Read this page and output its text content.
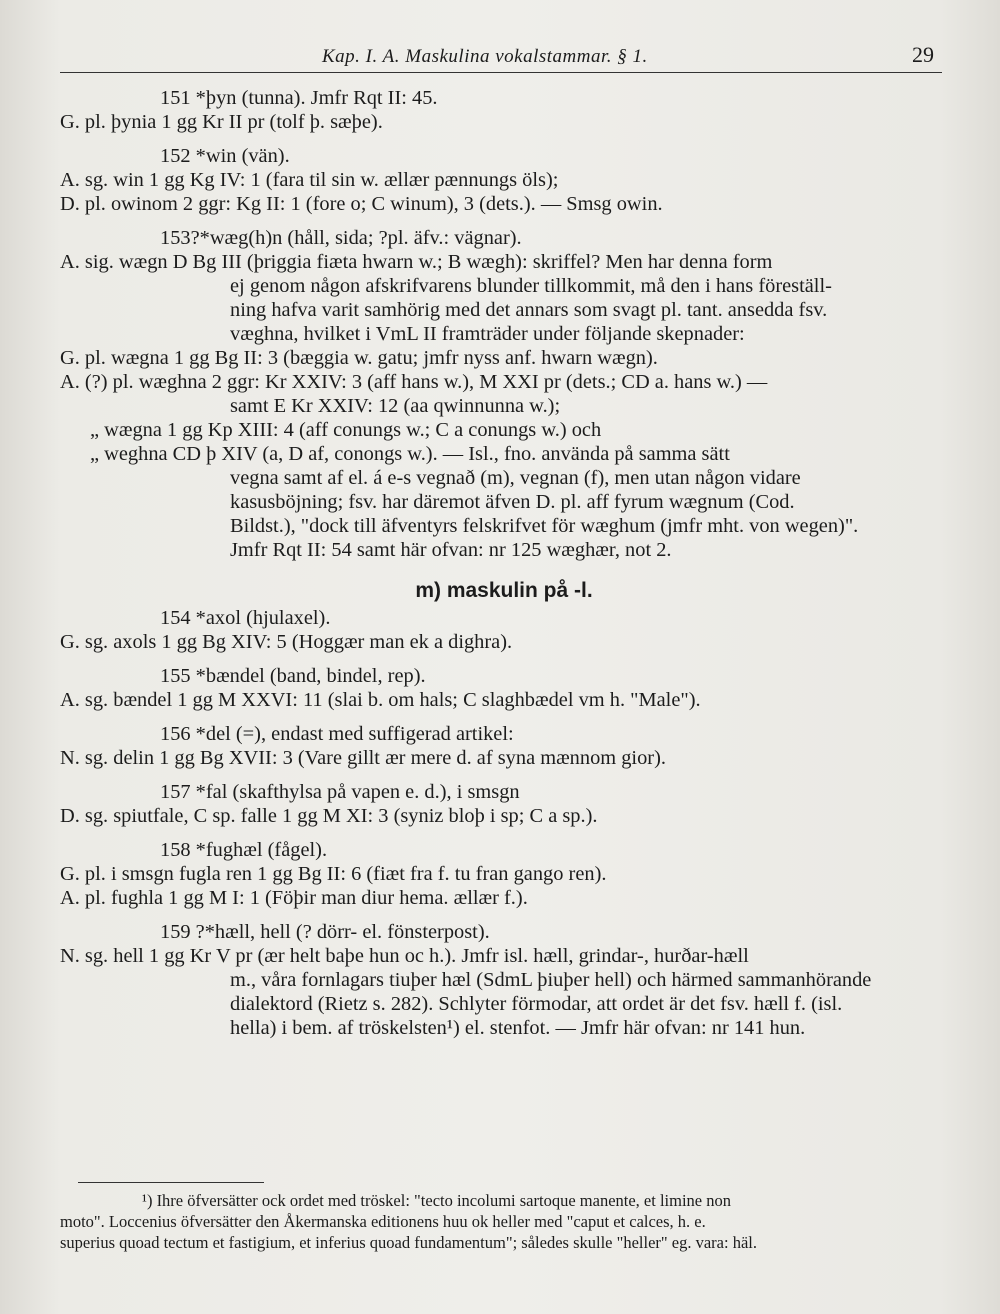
Kap. I. A. Maskulina vokalstammar. § 1.	29
151 *þyn (tunna). Jmfr Rqt II: 45.
G. pl. þynia 1 gg Kr II pr (tolf þ. sæþe).
152 *win (vän).
A. sg. win 1 gg Kg IV: 1 (fara til sin w. ællær pænnungs öls);
D. pl. owinom 2 ggr: Kg II: 1 (fore o; C winum), 3 (dets.). — Smsg owin.
153?*wæg(h)n (håll, sida; ?pl. äfv.: vägnar).
A. sig. wægn D Bg III (þriggia fiæta hwarn w.; B wægh): skriffel? Men har denna form
ej genom någon afskrifvarens blunder tillkommit, må den i hans föreställ-
ning hafva varit samhörig med det annars som svagt pl. tant. ansedda fsv.
væghna, hvilket i VmL II framträder under följande skepnader:
G. pl. wægna 1 gg Bg II: 3 (bæggia w. gatu; jmfr nyss anf. hwarn wægn).
A. (?) pl. wæghna 2 ggr: Kr XXIV: 3 (aff hans w.), M XXI pr (dets.; CD a. hans w.) —
samt E Kr XXIV: 12 (aa qwinnunna w.);
„ wægna 1 gg Kp XIII: 4 (aff conungs w.; C a conungs w.) och
„ weghna CD þ XIV (a, D af, conongs w.). — Isl., fno. använda på samma sätt
vegna samt af el. á e-s vegnað (m), vegnan (f), men utan någon vidare
kasusböjning; fsv. har däremot äfven D. pl. aff fyrum wægnum (Cod.
Bildst.), "dock till äfventyrs felskrifvet för wæghum (jmfr mht. von wegen)".
Jmfr Rqt II: 54 samt här ofvan: nr 125 wæghær, not 2.
m) maskulin på -l.
154 *axol (hjulaxel).
G. sg. axols 1 gg Bg XIV: 5 (Hoggær man ek a dighra).
155 *bændel (band, bindel, rep).
A. sg. bændel 1 gg M XXVI: 11 (slai b. om hals; C slaghbædel vm h. "Male").
156 *del (=), endast med suffigerad artikel:
N. sg. delin 1 gg Bg XVII: 3 (Vare gillt ær mere d. af syna mænnom gior).
157 *fal (skafthylsa på vapen e. d.), i smsgn
D. sg. spiutfale, C sp. falle 1 gg M XI: 3 (syniz bloþ i sp; C a sp.).
158 *fughæl (fågel).
G. pl. i smsgn fugla ren 1 gg Bg II: 6 (fiæt fra f. tu fran gango ren).
A. pl. fughla 1 gg M I: 1 (Föþir man diur hema. ællær f.).
159 ?*hæll, hell (? dörr- el. fönsterpost).
N. sg. hell 1 gg Kr V pr (ær helt baþe hun oc h.). Jmfr isl. hæll, grindar-, hurðar-hæll
m., våra fornlagars tiuþer hæl (SdmL þiuþer hell) och härmed sammanhörande
dialektord (Rietz s. 282). Schlyter förmodar, att ordet är det fsv. hæll f. (isl.
hella) i bem. af tröskelsten¹) el. stenfot. — Jmfr här ofvan: nr 141 hun.
¹) Ihre öfversätter ock ordet med tröskel: "tecto incolumi sartoque manente, et limine non
moto". Loccenius öfversätter den Åkermanska editionens huu ok heller med "caput et calces, h. e.
superius quoad tectum et fastigium, et inferius quoad fundamentum"; således skulle "heller" eg. vara: häl.
